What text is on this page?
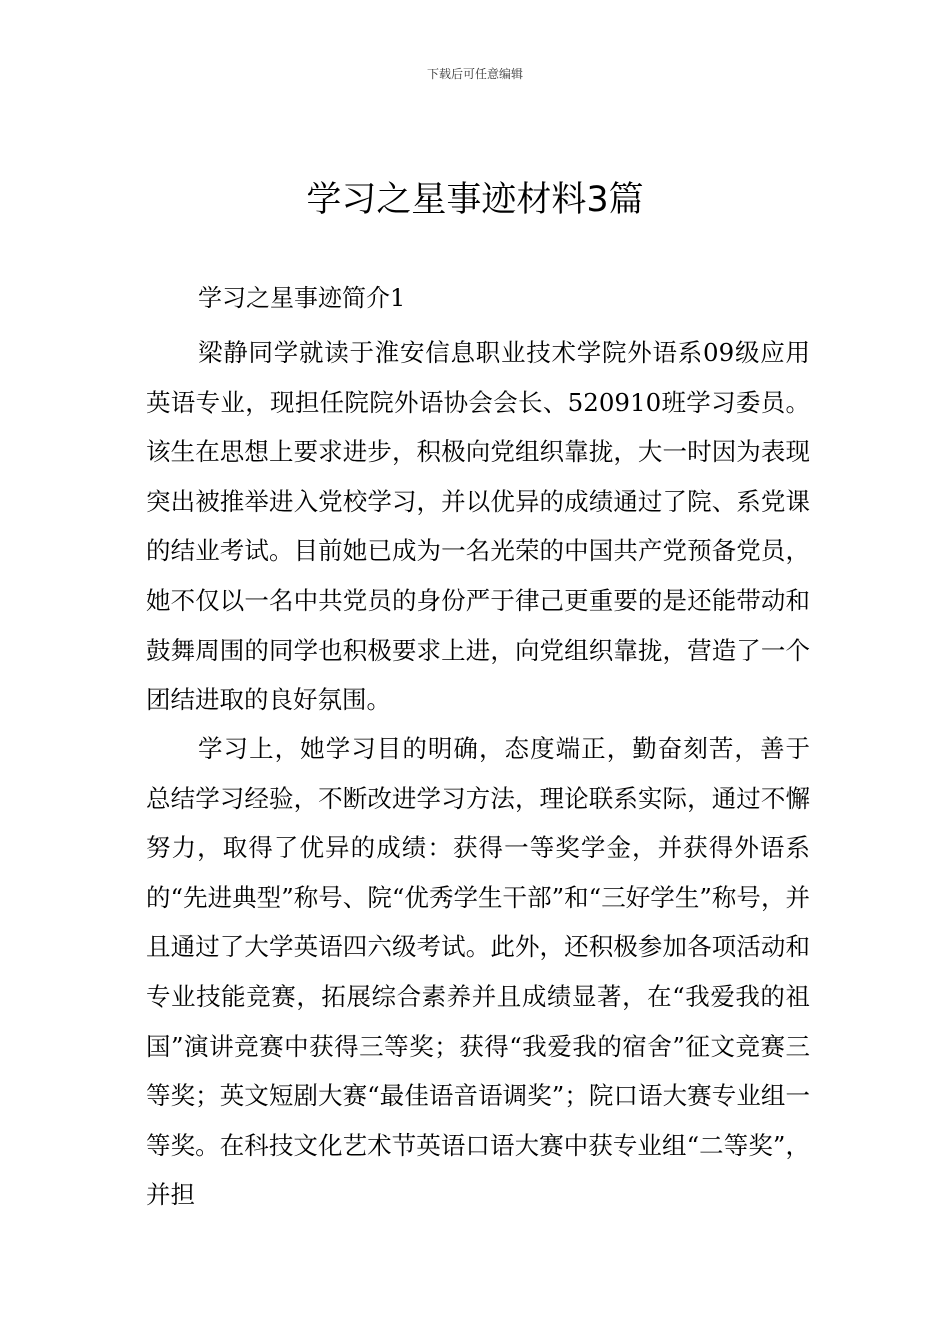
下载后可任意编辑
学习之星事迹材料3篇
学习之星事迹简介1

梁静同学就读于淮安信息职业技术学院外语系09级应用英语专业，现担任院院外语协会会长、520910班学习委员。该生在思想上要求进步，积极向党组织靠拢，大一时因为表现突出被推举进入党校学习，并以优异的成绩通过了院、系党课的结业考试。目前她已成为一名光荣的中国共产党预备党员，她不仅以一名中共党员的身份严于律己更重要的是还能带动和鼓舞周围的同学也积极要求上进，向党组织靠拢，营造了一个团结进取的良好氛围。

学习上，她学习目的明确，态度端正，勤奋刻苦，善于总结学习经验，不断改进学习方法，理论联系实际，通过不懈努力，取得了优异的成绩：获得一等奖学金，并获得外语系的“先进典型”称号、院“优秀学生干部”和“三好学生”称号，并且通过了大学英语四六级考试。此外，还积极参加各项活动和专业技能竞赛，拓展综合素养并且成绩显著，在“我爱我的祖国”演讲竞赛中获得三等奖；获得“我爱我的宿舍”征文竞赛三等奖；英文短剧大赛“最佳语音语调奖”；院口语大赛专业组一等奖。在科技文化艺术节英语口语大赛中获专业组“二等奖”，并担
